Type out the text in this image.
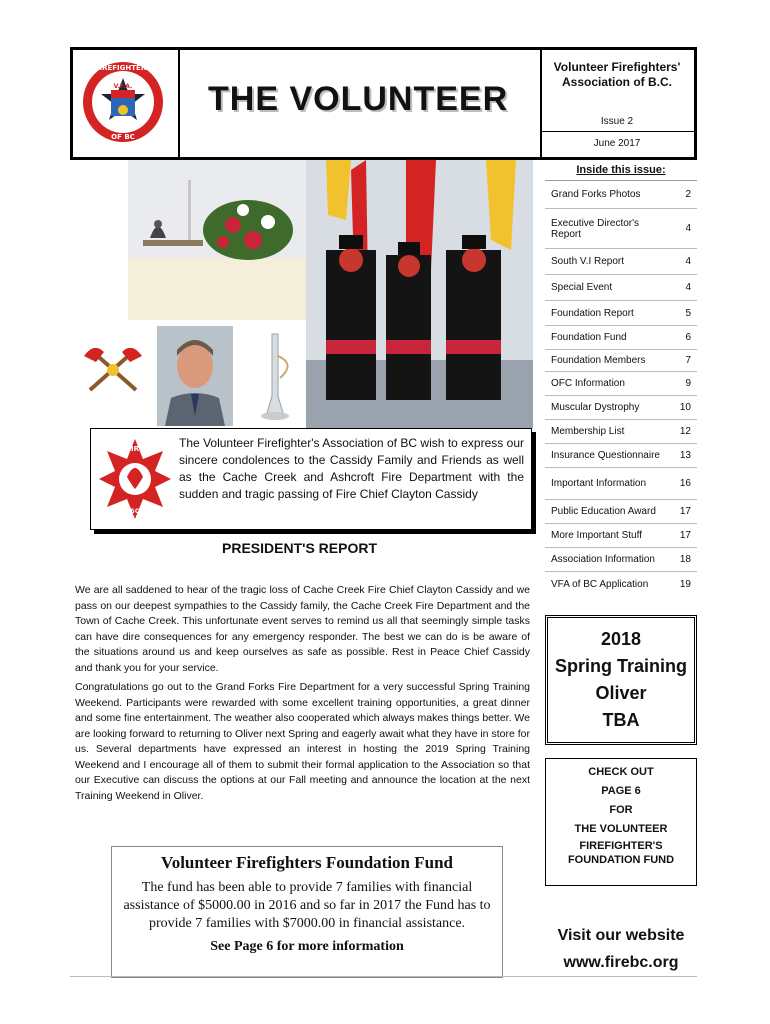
FIREFIGHTERS
OF BC
V.F.A. THE VOLUNTEER
Volunteer Firefighters' Association of B.C.
Issue 2
June 2017
Inside this issue:
Grand Forks Photos	2
Executive Director's Report	4
South V.I Report	4
Special Event	4
Foundation Report	5
Foundation Fund	6
Foundation Members	7
OFC Information	9
Muscular Dystrophy	10
Membership List	12
Insurance Questionnaire	13
Important Information	16
Public Education Award	17
More Important Stuff	17
Association Information	18
VFA of BC Application	19
FIRE
RESCUE
The Volunteer Firefighter's Association of BC wish to express our sincere condolences to the Cassidy Family and Friends as well as the Cache Creek and Ashcroft Fire Department with the sudden and tragic passing of Fire Chief Clayton Cassidy
PRESIDENT'S REPORT

We are all saddened to hear of the tragic loss of Cache Creek Fire Chief Clayton Cassidy and we pass on our deepest sympathies to the Cassidy family, the Cache Creek Fire Department and the Town of Cache Creek. This unfortunate event serves to remind us all that seemingly simple tasks can have dire consequences for any emergency responder. The best we can do is be aware of the situations around us and keep ourselves as safe as possible. Rest in Peace Chief Cassidy and thank you for your service.

Congratulations go out to the Grand Forks Fire Department for a very successful Spring Training Weekend. Participants were rewarded with some excellent training opportunities, a great dinner and some fine entertainment. The weather also cooperated which always makes things better. We are looking forward to returning to Oliver next Spring and eagerly await what they have in store for us. Several departments have expressed an interest in hosting the 2019 Spring Training Weekend and I encourage all of them to submit their formal application to the Association so that our Executive can discuss the options at our Fall meeting and announce the location at the next Training Weekend in Oliver.

Volunteer Firefighters Foundation Fund
The fund has been able to provide 7 families with financial assistance of $5000.00 in 2016 and so far in 2017 the Fund has to provide 7 families with $7000.00 in financial assistance.
See Page 6 for more information
2018
Spring Training
Oliver
TBA
CHECK OUT
PAGE 6
FOR
THE VOLUNTEER
FIREFIGHTER'S
FOUNDATION FUND
Visit our website
www.firebc.org
